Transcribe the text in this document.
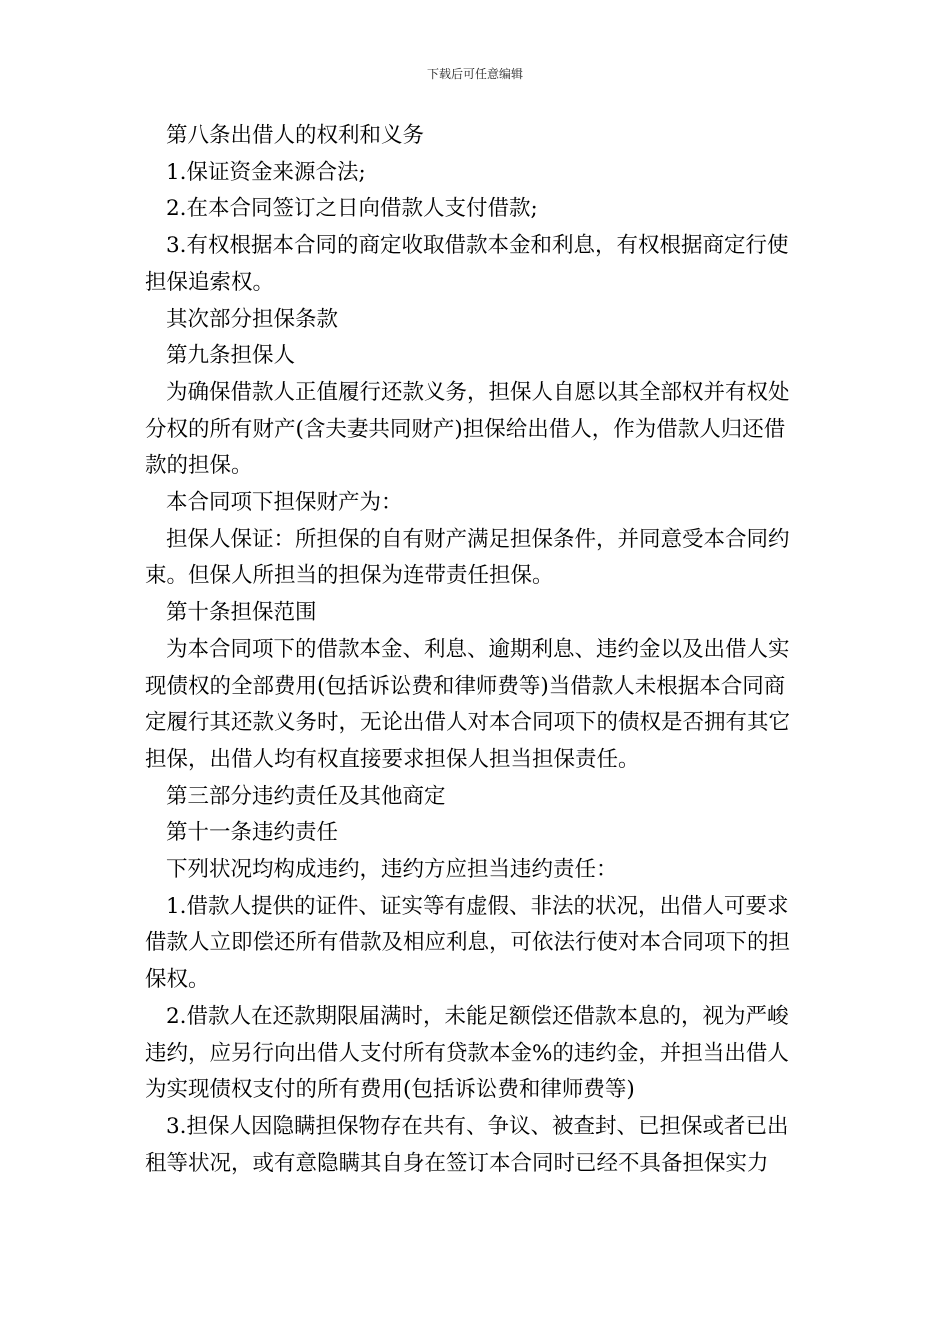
下载后可任意编辑

第八条出借人的权利和义务

1.保证资金来源合法;

2.在本合同签订之日向借款人支付借款;

3.有权根据本合同的商定收取借款本金和利息，有权根据商定行使担保追索权。

其次部分担保条款

第九条担保人

为确保借款人正值履行还款义务，担保人自愿以其全部权并有权处分权的所有财产(含夫妻共同财产)担保给出借人，作为借款人归还借款的担保。

本合同项下担保财产为：

担保人保证：所担保的自有财产满足担保条件，并同意受本合同约束。但保人所担当的担保为连带责任担保。

第十条担保范围

为本合同项下的借款本金、利息、逾期利息、违约金以及出借人实现债权的全部费用(包括诉讼费和律师费等)当借款人未根据本合同商定履行其还款义务时，无论出借人对本合同项下的债权是否拥有其它担保，出借人均有权直接要求担保人担当担保责任。

第三部分违约责任及其他商定

第十一条违约责任

下列状况均构成违约，违约方应担当违约责任：

1.借款人提供的证件、证实等有虚假、非法的状况，出借人可要求借款人立即偿还所有借款及相应利息，可依法行使对本合同项下的担保权。

2.借款人在还款期限届满时，未能足额偿还借款本息的，视为严峻违约，应另行向出借人支付所有贷款本金%的违约金，并担当出借人为实现债权支付的所有费用(包括诉讼费和律师费等)

3.担保人因隐瞒担保物存在共有、争议、被查封、已担保或者已出租等状况，或有意隐瞒其自身在签订本合同时已经不具备担保实力
